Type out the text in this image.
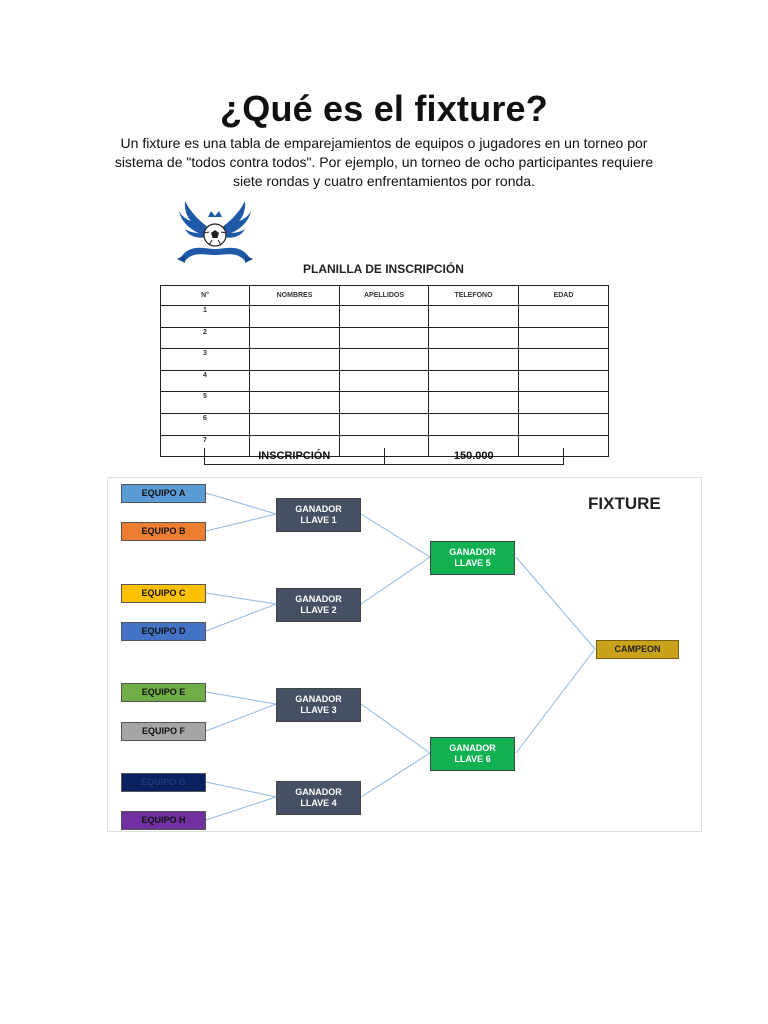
¿Qué es el fixture?

Un fixture es una tabla de emparejamientos de equipos o jugadores en un torneo por sistema de "todos contra todos". Por ejemplo, un torneo de ocho participantes requiere siete rondas y cuatro enfrentamientos por ronda.

PLANILLA DE INSCRIPCIÓN
N°	NOMBRES	APELLIDOS	TELEFONO	EDAD
1				
2				
3				
4				
5				
6				
7				
INSCRIPCIÓN	150.000
FIXTURE
EQUIPO A
EQUIPO B
EQUIPO C
EQUIPO D
EQUIPO E
EQUIPO F
EQUIPO G
EQUIPO H
GANADOR
LLAVE 1
GANADOR
LLAVE 2
GANADOR
LLAVE 3
GANADOR
LLAVE 4
GANADOR
LLAVE 5
GANADOR
LLAVE 6
CAMPEON
